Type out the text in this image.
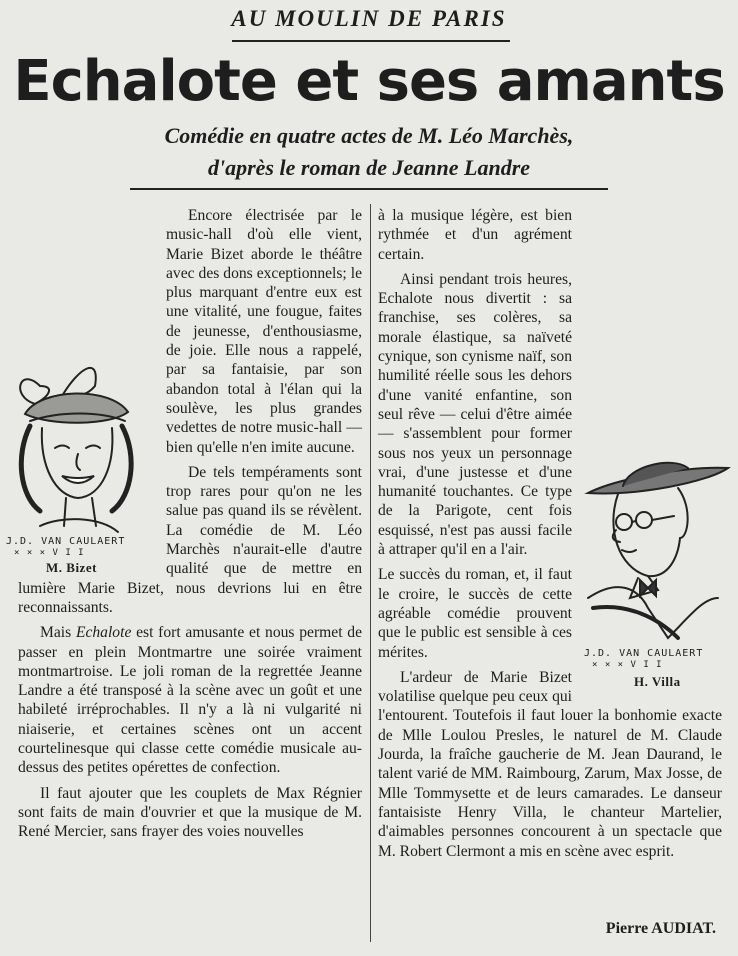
AU MOULIN DE PARIS
Echalote et ses amants
Comédie en quatre actes de M. Léo Marchès,
d'après le roman de Jeanne Landre
J.D. VAN CAULAERT
× × × V I I
M. Bizet

Encore électrisée par le music-hall d'où elle vient, Marie Bizet aborde le théâtre avec des dons exceptionnels; le plus marquant d'entre eux est une vitalité, une fougue, faites de jeunesse, d'enthousiasme, de joie. Elle nous a rappelé, par sa fantaisie, par son abandon total à l'élan qui la soulève, les plus grandes vedettes de notre music-hall — bien qu'elle n'en imite aucune.

De tels tempéraments sont trop rares pour qu'on ne les salue pas quand ils se révèlent. La comédie de M. Léo Marchès n'aurait-elle d'autre qualité que de mettre en lumière Marie Bizet, nous devrions lui en être reconnaissants.

Mais Echalote est fort amusante et nous permet de passer en plein Montmartre une soirée vraiment montmartroise. Le joli roman de la regrettée Jeanne Landre a été transposé à la scène avec un goût et une habileté irréprochables. Il n'y a là ni vulgarité ni niaiserie, et certaines scènes ont un accent courtelinesque qui classe cette comédie musicale au-dessus des petites opérettes de confection.

Il faut ajouter que les couplets de Max Régnier sont faits de main d'ouvrier et que la musique de M. René Mercier, sans frayer des voies nouvelles

J.D. VAN CAULAERT
× × × V I I
H. Villa

à la musique légère, est bien rythmée et d'un agrément certain.

Ainsi pendant trois heures, Echalote nous divertit : sa franchise, ses colères, sa morale élastique, sa naïveté cynique, son cynisme naïf, son humilité réelle sous les dehors d'une vanité enfantine, son seul rêve — celui d'être aimée — s'assemblent pour former sous nos yeux un personnage vrai, d'une justesse et d'une humanité touchantes. Ce type de la Parigote, cent fois esquissé, n'est pas aussi facile à attraper qu'il en a l'air.

Le succès du roman, et, il faut le croire, le succès de cette agréable comédie prouvent que le public est sensible à ces mérites.

L'ardeur de Marie Bizet volatilise quelque peu ceux qui l'entourent. Toutefois il faut louer la bonhomie exacte de Mlle Loulou Presles, le naturel de M. Claude Jourda, la fraîche gaucherie de M. Jean Daurand, le talent varié de MM. Raimbourg, Zarum, Max Josse, de Mlle Tommysette et de leurs camarades. Le danseur fantaisiste Henry Villa, le chanteur Martelier, d'aimables personnes concourent à un spectacle que M. Robert Clermont a mis en scène avec esprit.

Pierre AUDIAT.
